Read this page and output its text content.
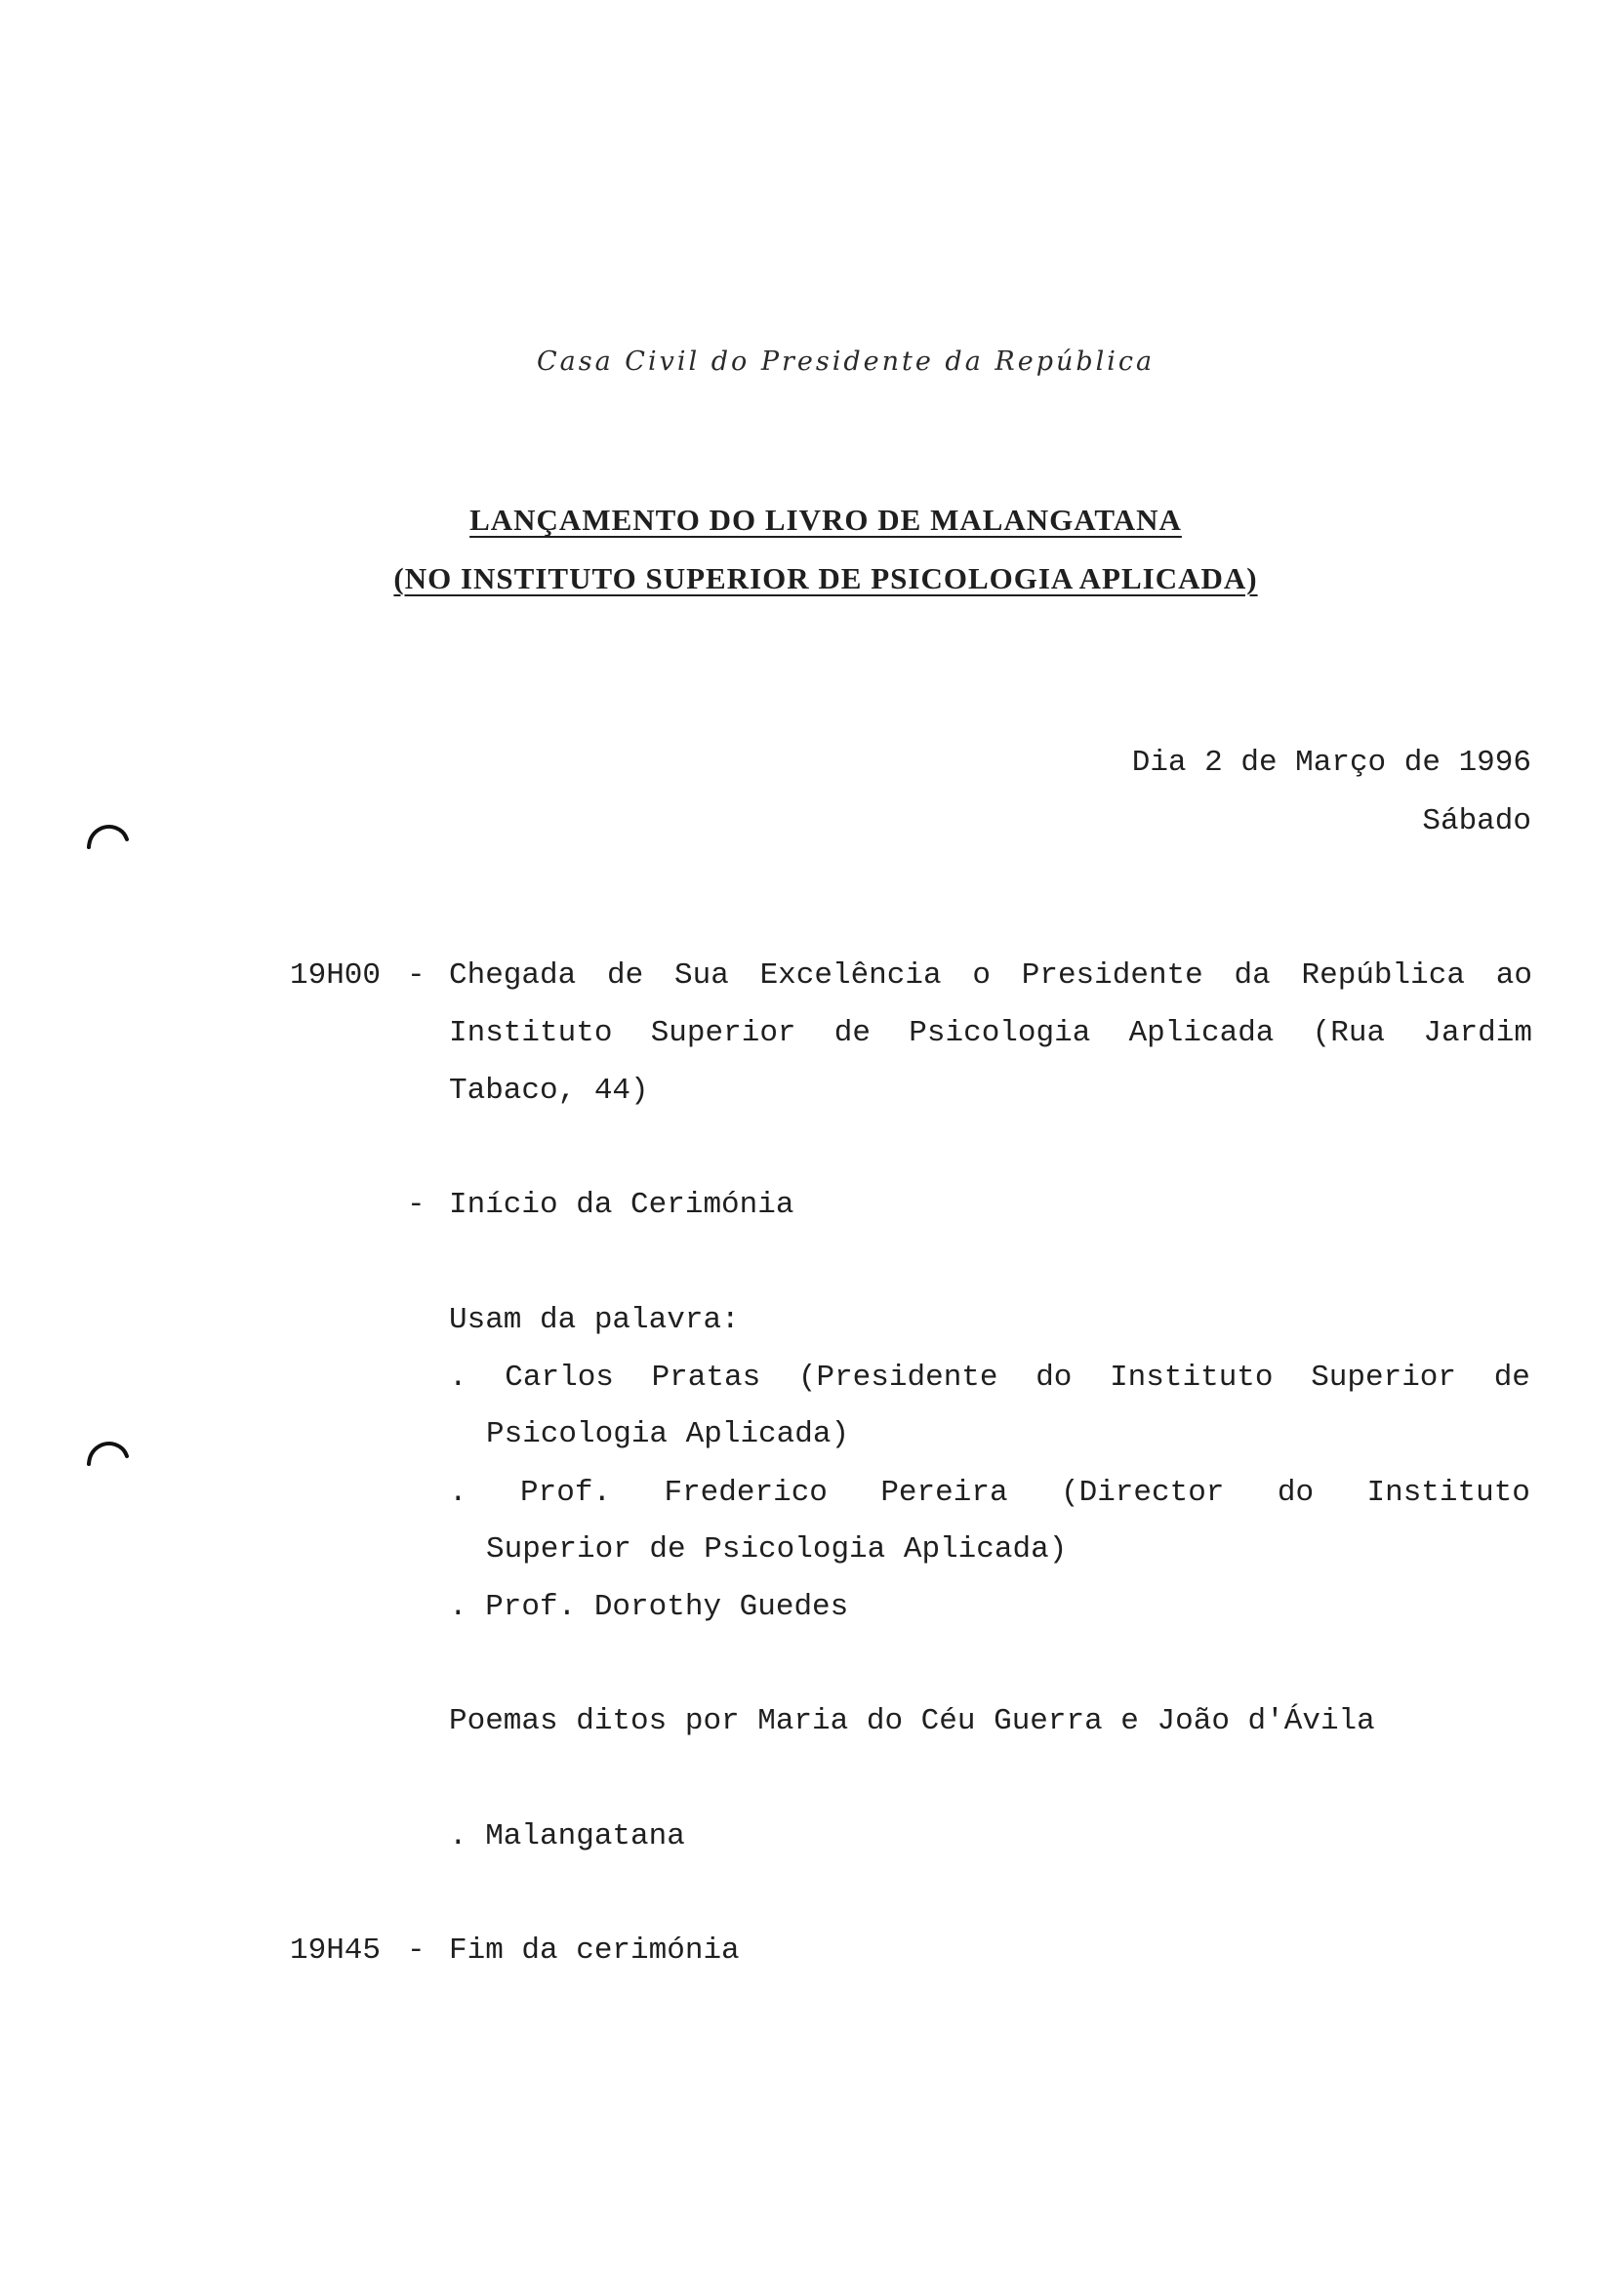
Casa Civil do Presidente da República
LANÇAMENTO DO LIVRO DE MALANGATANA
(NO INSTITUTO SUPERIOR DE PSICOLOGIA APLICADA)
Dia 2 de Março de 1996
Sábado
19H00 - Chegada de Sua Excelência o Presidente da República ao
Instituto Superior de Psicologia Aplicada (Rua Jardim
Tabaco, 44)
- Início da Cerimónia
Usam da palavra:
. Carlos Pratas (Presidente do Instituto Superior de
Psicologia Aplicada)
. Prof. Frederico Pereira (Director do Instituto
Superior de Psicologia Aplicada)
. Prof. Dorothy Guedes
Poemas ditos por Maria do Céu Guerra e João d'Ávila
. Malangatana
19H45 - Fim da cerimónia
